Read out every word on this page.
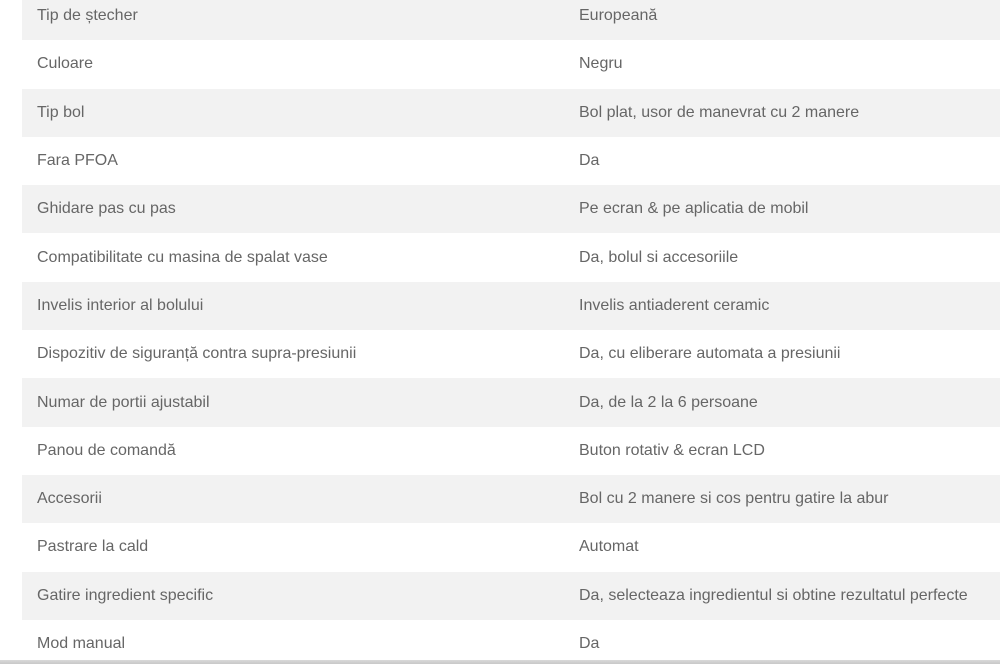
Tip de ștecher	Europeană
Culoare	Negru
Tip bol	Bol plat, usor de manevrat cu 2 manere
Fara PFOA	Da
Ghidare pas cu pas	Pe ecran & pe aplicatia de mobil
Compatibilitate cu masina de spalat vase	Da, bolul si accesoriile
Invelis interior al bolului	Invelis antiaderent ceramic
Dispozitiv de siguranță contra supra-presiunii	Da, cu eliberare automata a presiunii
Numar de portii ajustabil	Da, de la 2 la 6 persoane
Panou de comandă	Buton rotativ & ecran LCD
Accesorii	Bol cu 2 manere si cos pentru gatire la abur
Pastrare la cald	Automat
Gatire ingredient specific	Da, selecteaza ingredientul si obtine rezultatul perfecte
Mod manual	Da
